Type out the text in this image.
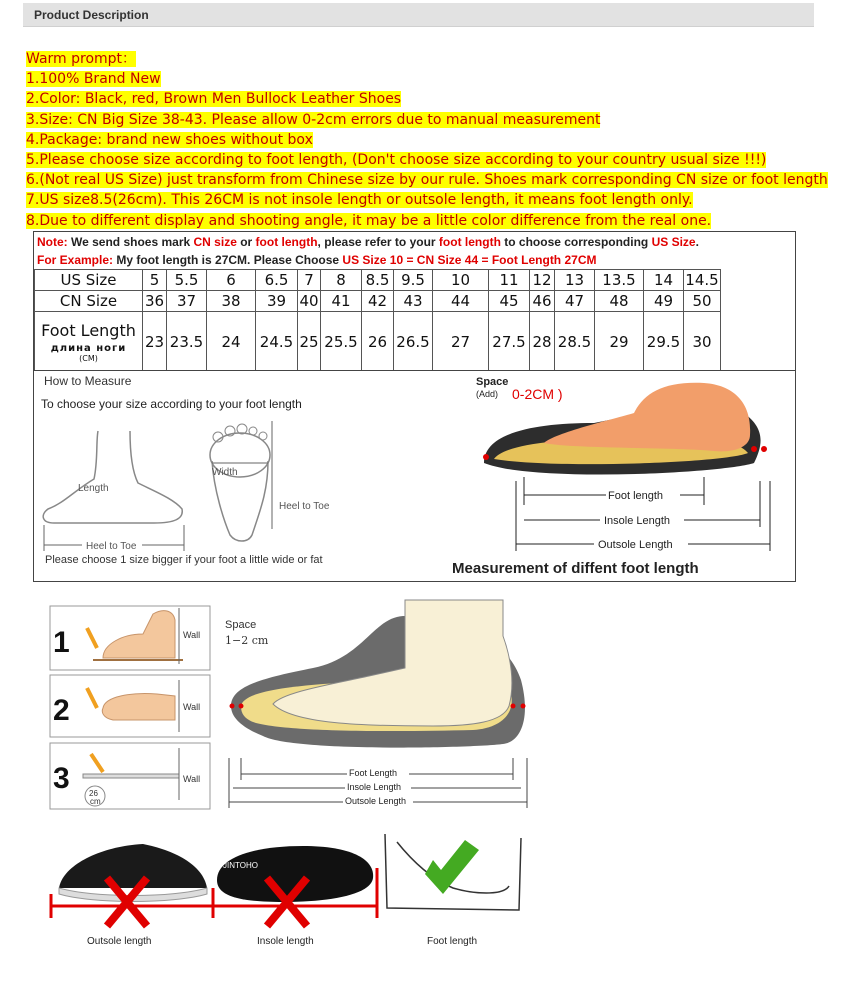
Product Description
Warm prompt：
1.100% Brand New
2.Color: Black, red, Brown Men Bullock Leather Shoes
3.Size: CN Big Size 38-43. Please allow 0-2cm errors due to manual measurement
4.Package: brand new shoes without box
5.Please choose size according to foot length, (Don't choose size according to your country usual size !!!)
6.(Not real US Size) just transform from Chinese size by our rule. Shoes mark corresponding CN size or foot length
7.US size8.5(26cm). This 26CM is not insole length or outsole length, it means foot length only.
8.Due to different display and shooting angle, it may be a little color difference from the real one.
Note: We send shoes mark CN size or foot length, please refer to your foot length to choose corresponding US Size.
For Example: My foot length is 27CM. Please Choose US Size 10 = CN Size 44 = Foot Length 27CM
US Size	5	5.5	6	6.5	7	8	8.5	9.5	10	11	12	13	13.5	14	14.5
CN Size	36	37	38	39	40	41	42	43	44	45	46	47	48	49	50

Foot Length
длина ноги
(CM)	23	23.5	24	24.5	25	25.5	26	26.5	27	27.5	28	28.5	29	29.5	30
How to Measure
To choose your size according to your foot length
Length
Heel to Toe
Width
Heel to Toe
Please choose 1 size bigger if your foot a little wide or fat
Space
(Add) 0-2CM )
Foot length
Insole Length
Outsole Length
Measurement of diffent foot length
1
2
3
Wall
Wall
Wall
26
cm
Space
1−2 cm
Foot Length
Insole Length
Outsole Length
Outsole length
JINTOHO
Insole length	Foot length
